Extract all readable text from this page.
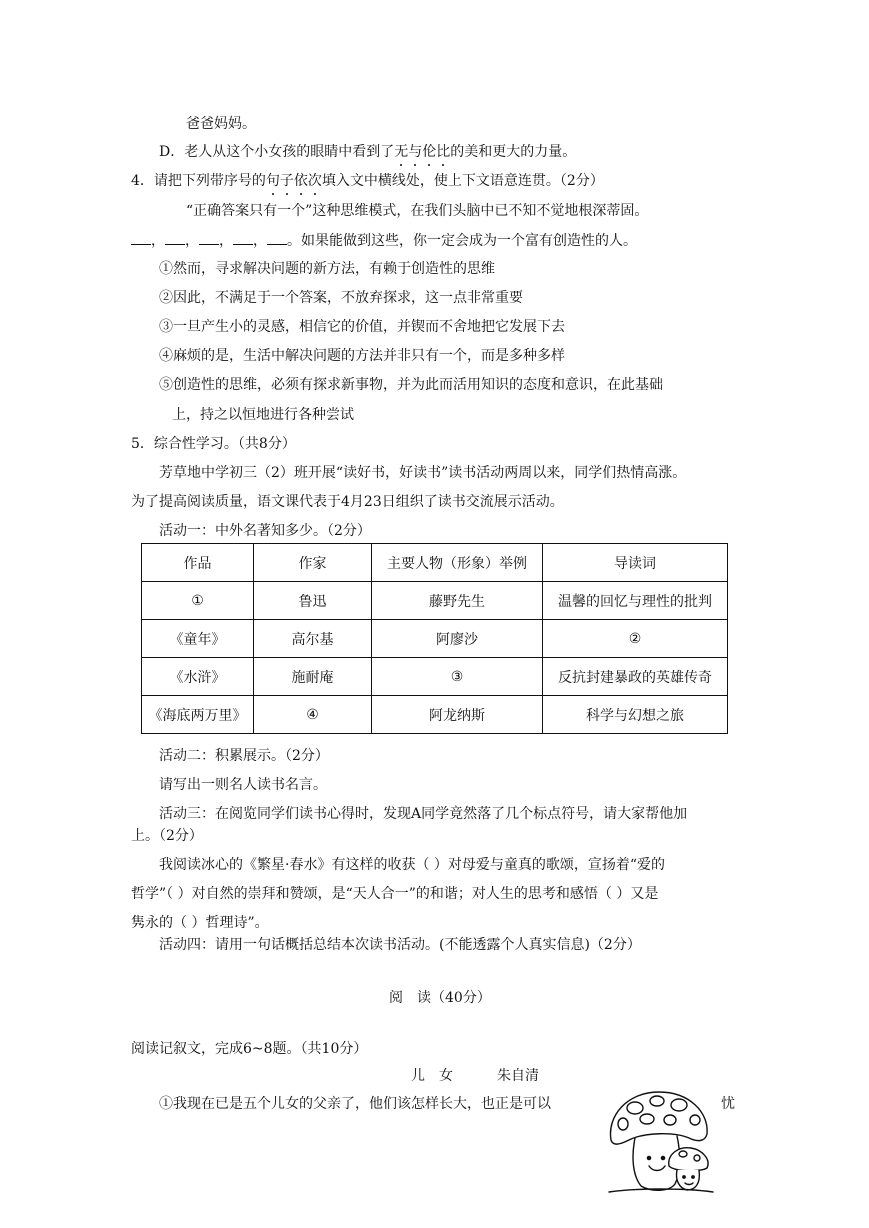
爸爸妈妈。
D．老人从这个小女孩的眼睛中看到了无与伦比的美和更大的力量。
4．请把下列带序号的句子依次填入文中横线处，使上下文语意连贯。（2分）
“正确答案只有一个”这种思维模式，在我们头脑中已不知不觉地根深蒂固。
， ， ， ， 。如果能做到这些，你一定会成为一个富有创造性的人。
①然而，寻求解决问题的新方法，有赖于创造性的思维
②因此，不满足于一个答案，不放弃探求，这一点非常重要
③一旦产生小的灵感，相信它的价值，并锲而不舍地把它发展下去
④麻烦的是，生活中解决问题的方法并非只有一个，而是多种多样
⑤创造性的思维，必须有探求新事物，并为此而活用知识的态度和意识，在此基础
上，持之以恒地进行各种尝试
5．综合性学习。（共8分）
芳草地中学初三（2）班开展“读好书，好读书”读书活动两周以来，同学们热情高涨。
为了提高阅读质量，语文课代表于4月23日组织了读书交流展示活动。
活动一：中外名著知多少。（2分）
作品	作家	主要人物（形象）举例	导读词
①	鲁迅	藤野先生	温馨的回忆与理性的批判
《童年》	高尔基	阿廖沙	②
《水浒》	施耐庵	③	反抗封建暴政的英雄传奇
《海底两万里》	④	阿龙纳斯	科学与幻想之旅
活动二：积累展示。（2分）
请写出一则名人读书名言。
活动三：在阅览同学们读书心得时，发现A同学竟然落了几个标点符号，请大家帮他加
上。（2分）
我阅读冰心的《繁星·春水》有这样的收获（ ）对母爱与童真的歌颂，宣扬着“爱的
哲学”（ ）对自然的崇拜和赞颂，是“天人合一”的和谐；对人生的思考和感悟（ ）又是
隽永的（ ）哲理诗”。
活动四：请用一句话概括总结本次读书活动。(不能透露个人真实信息)（2分）
阅　读（40分）
阅读记叙文，完成6~8题。（共10分）
儿　女	朱自清
①我现在已是五个儿女的父亲了，他们该怎样长大，也正是可以	忧
